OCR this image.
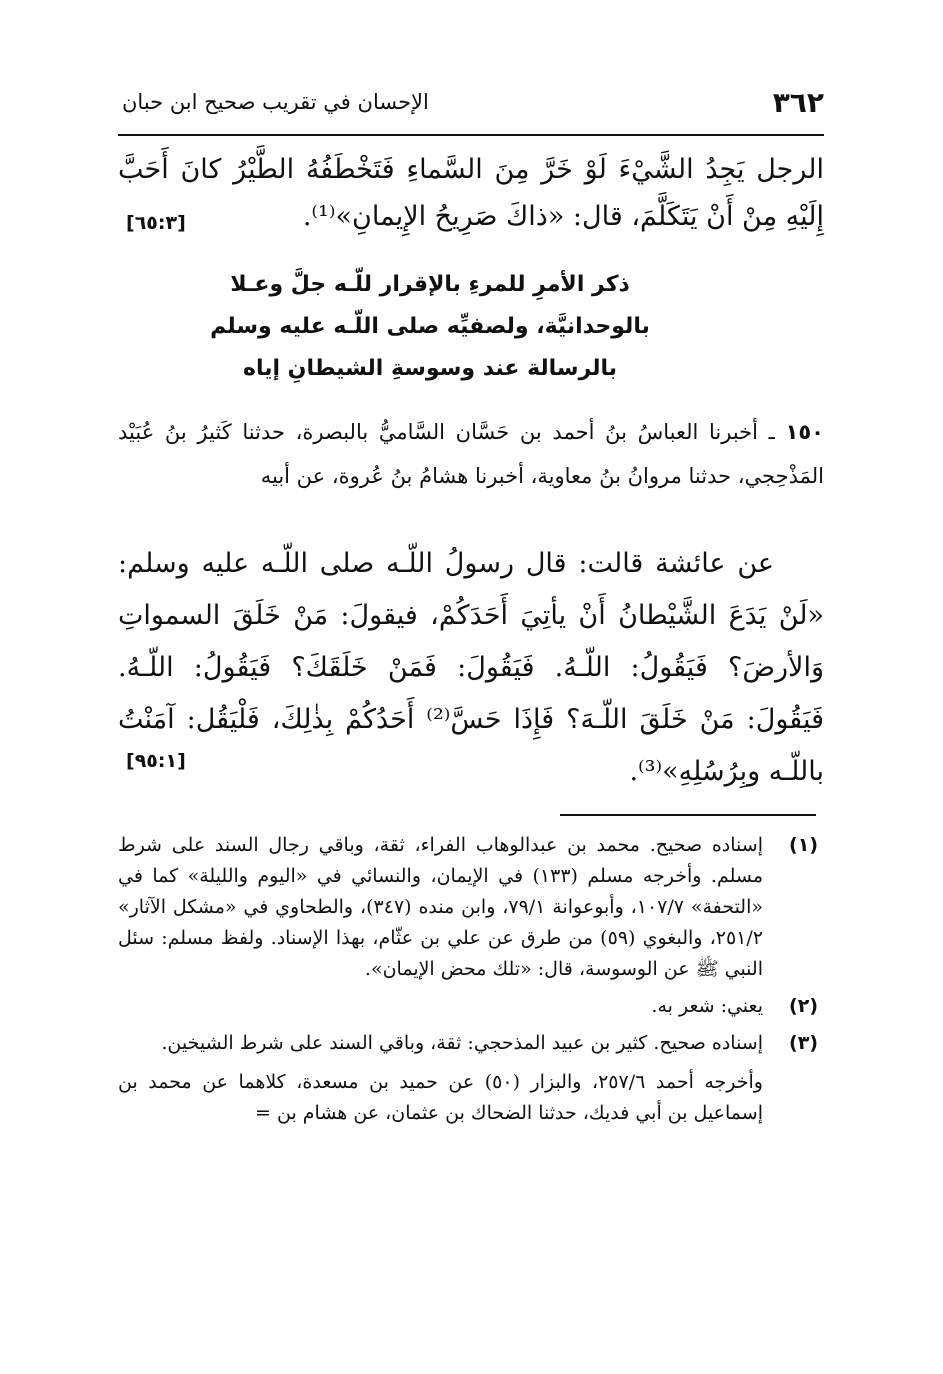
٣٦٢
الإحسان في تقريب صحيح ابن حبان
الرجل يَجِدُ الشَّيْءَ لَوْ خَرَّ مِنَ السَّماءِ فَتَخْطَفُهُ الطَّيْرُ كانَ أَحَبَّ إِلَيْهِ مِنْ أَنْ يَتَكَلَّمَ، قال: «ذاكَ صَرِيحُ الإِيمانِ»⁽¹⁾.
[٦٥:٣]
ذكر الأمرِ للمرءِ بالإقرار للّـه جلَّ وعـلا
بالوحدانيَّة، ولصفيِّه صلى اللّـه عليه وسلم
بالرسالة عند وسوسةِ الشيطانِ إياه
١٥٠ ـ أخبرنا العباسُ بنُ أحمد بن حَسَّان السَّاميُّ بالبصرة، حدثنا كَثيرُ بنُ عُبَيْد المَذْحِجي، حدثنا مروانُ بنُ معاوية، أخبرنا هشامُ بنُ عُروة، عن أبيه

عن عائشة قالت: قال رسولُ اللّـه صلى اللّـه عليه وسلم: «لَنْ يَدَعَ الشَّيْطانُ أَنْ يأتِيَ أَحَدَكُمْ، فيقولَ: مَنْ خَلَقَ السمواتِ وَالأرضَ؟ فَيَقُولُ: اللّـهُ. فَيَقُولَ: فَمَنْ خَلَقَكَ؟ فَيَقُولُ: اللّـهُ. فَيَقُولَ: مَنْ خَلَقَ اللّـهَ؟ فَإِذَا حَسَّ⁽²⁾ أَحَدُكُمْ بِذٰلِكَ، فَلْيَقُل: آمَنْتُ باللّـه وبِرُسُلِهِ»⁽³⁾.

[٩٥:١]
(١)
إسناده صحيح. محمد بن عبدالوهاب الفراء، ثقة، وباقي رجال السند على شرط مسلم. وأخرجه مسلم (١٣٣) في الإيمان، والنسائي في «اليوم والليلة» كما في «التحفة» ١٠٧/٧، وأبوعوانة ٧٩/١، وابن منده (٣٤٧)، والطحاوي في «مشكل الآثار» ٢٥١/٢، والبغوي (٥٩) من طرق عن علي بن عثّام، بهذا الإسناد. ولفظ مسلم: سئل النبي ﷺ عن الوسوسة، قال: «تلك محض الإيمان».
(٢)
يعني: شعر به.
(٣)
إسناده صحيح. كثير بن عبيد المذحجي: ثقة، وباقي السند على شرط الشيخين.
وأخرجه أحمد ٢٥٧/٦، والبزار (٥٠) عن حميد بن مسعدة، كلاهما عن محمد بن إسماعيل بن أبي فديك، حدثنا الضحاك بن عثمان، عن هشام بن =
